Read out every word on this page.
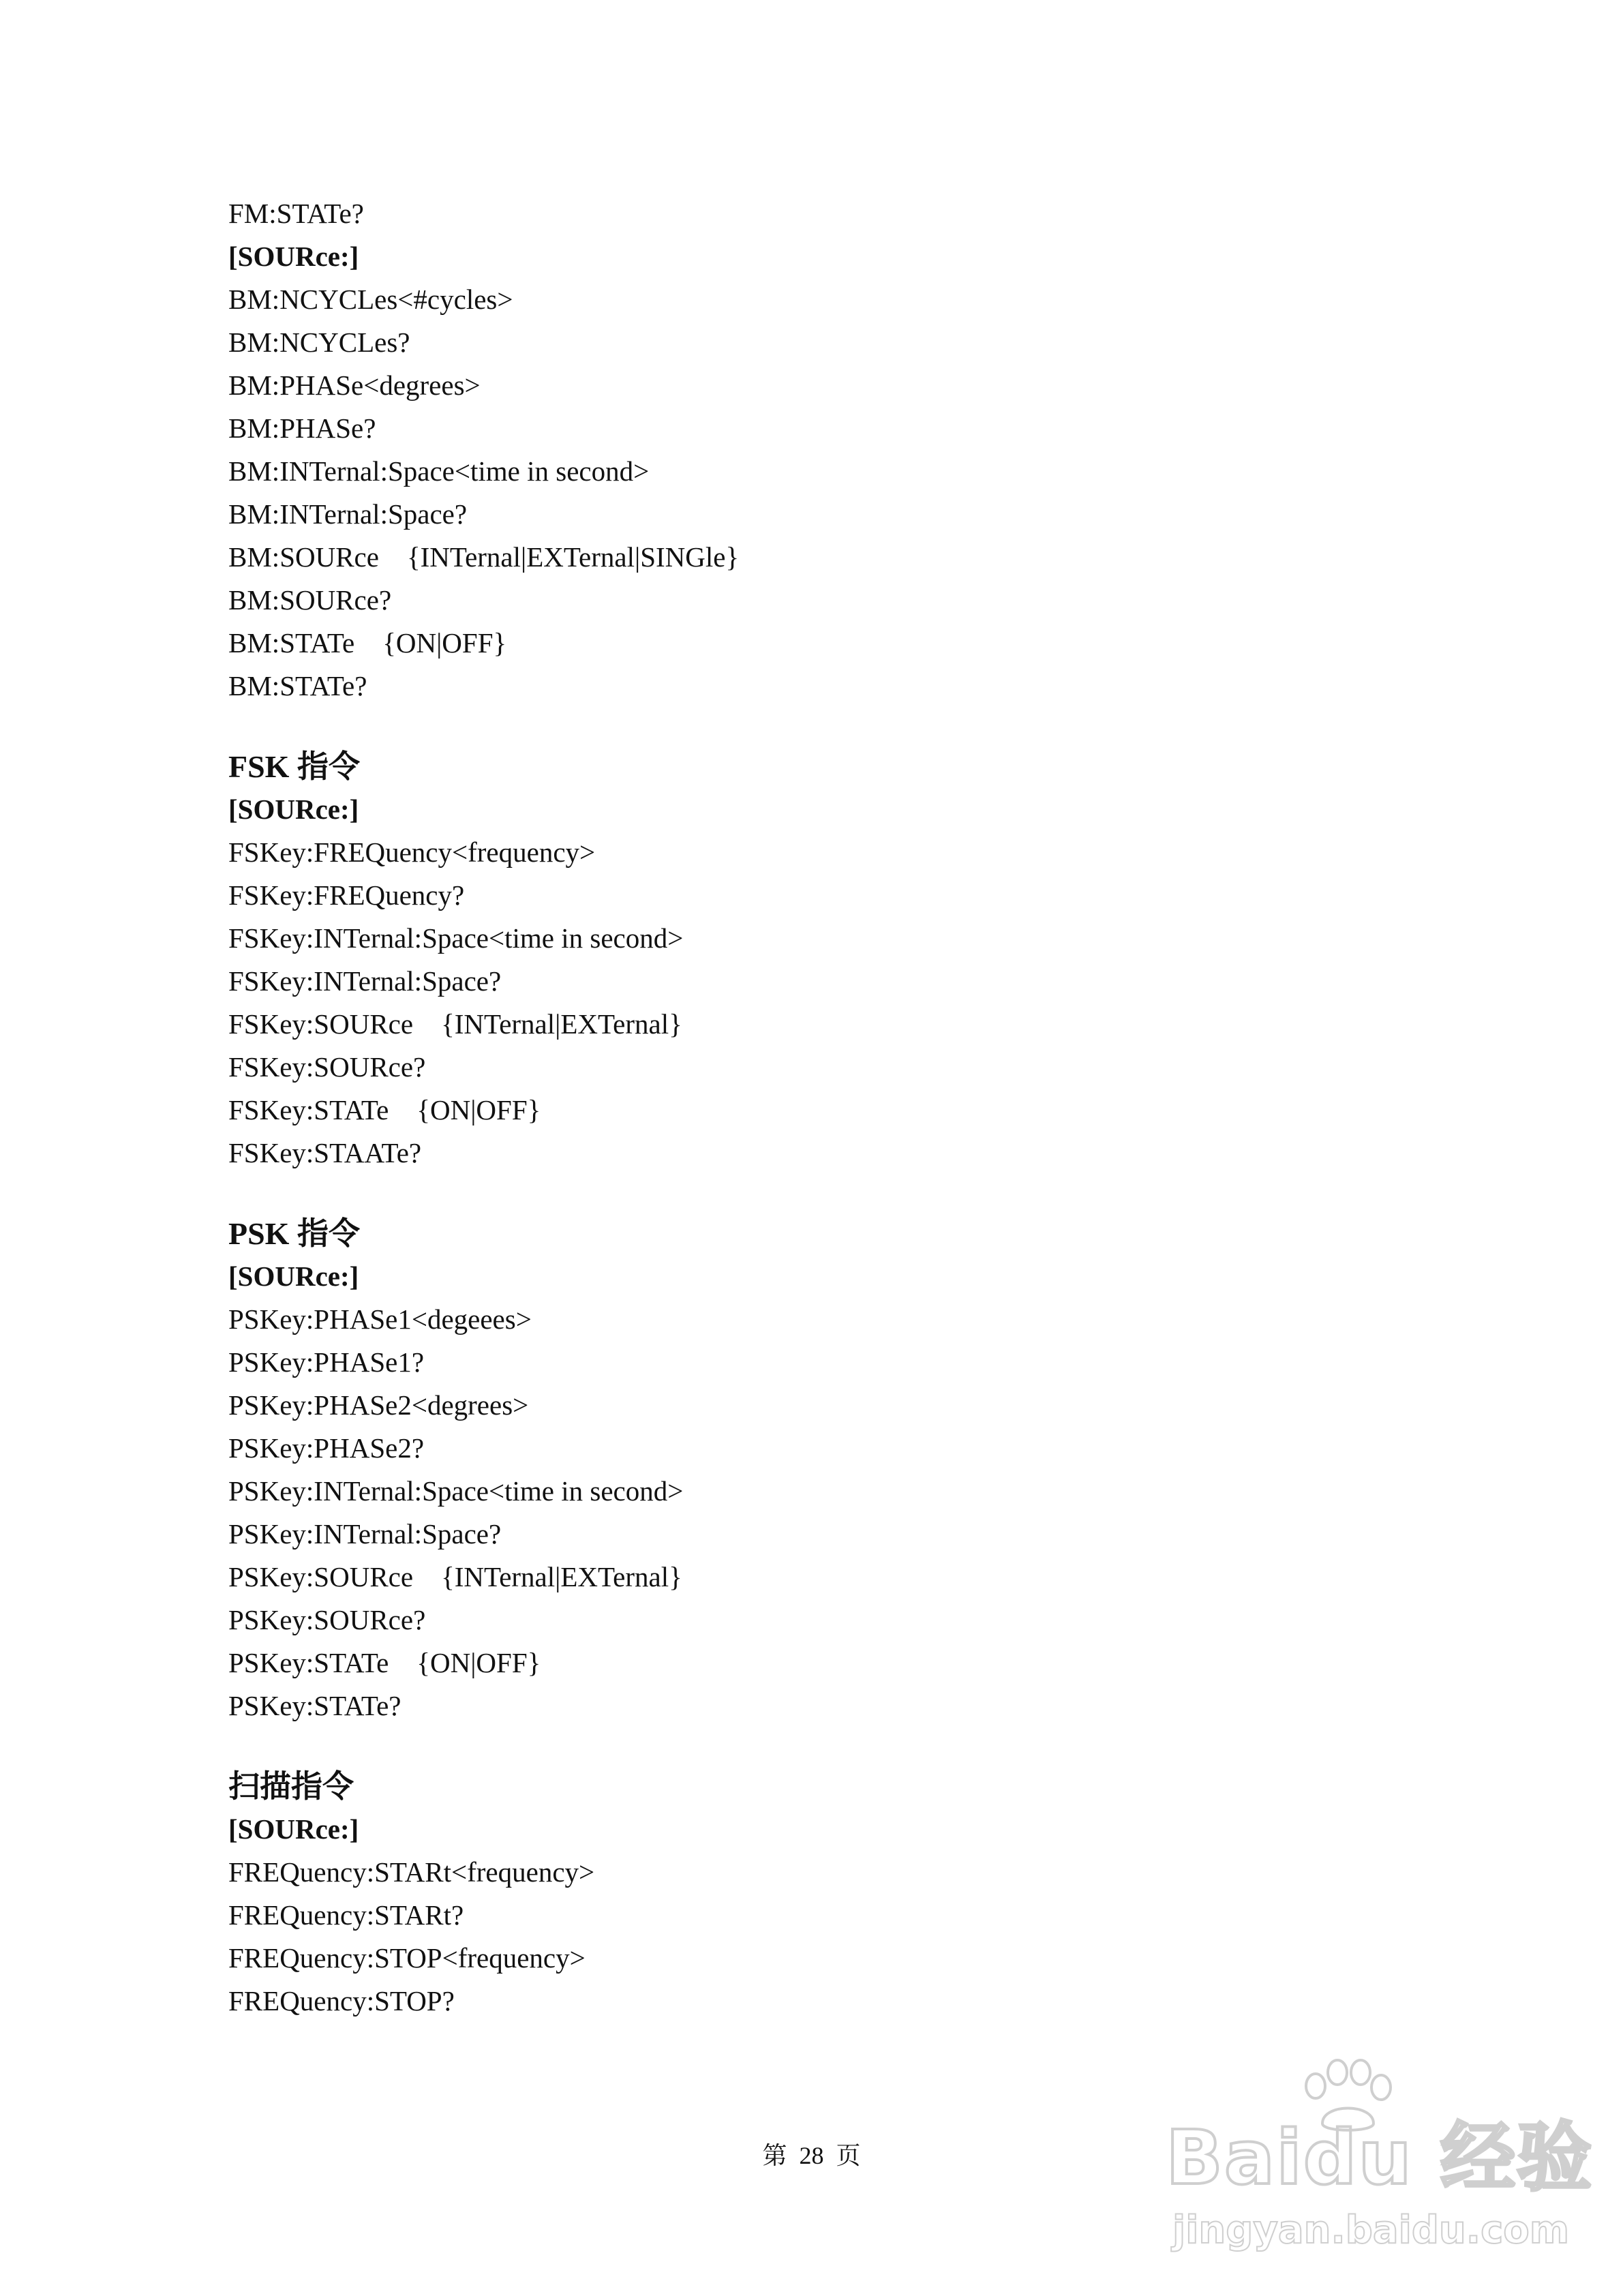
FM:STATe?
[SOURce:]
BM:NCYCLes<#cycles>
BM:NCYCLes?
BM:PHASe<degrees>
BM:PHASe?
BM:INTernal:Space<time in second>
BM:INTernal:Space?
BM:SOURce    {INTernal|EXTernal|SINGle}
BM:SOURce?
BM:STATe    {ON|OFF}
BM:STATe?
FSK 指令
[SOURce:]
FSKey:FREQuency<frequency>
FSKey:FREQuency?
FSKey:INTernal:Space<time in second>
FSKey:INTernal:Space?
FSKey:SOURce    {INTernal|EXTernal}
FSKey:SOURce?
FSKey:STATe    {ON|OFF}
FSKey:STAATe?
PSK 指令
[SOURce:]
PSKey:PHASe1<degeees>
PSKey:PHASe1?
PSKey:PHASe2<degrees>
PSKey:PHASe2?
PSKey:INTernal:Space<time in second>
PSKey:INTernal:Space?
PSKey:SOURce    {INTernal|EXTernal}
PSKey:SOURce?
PSKey:STATe    {ON|OFF}
PSKey:STATe?
扫描指令
[SOURce:]
FREQuency:STARt<frequency>
FREQuency:STARt?
FREQuency:STOP<frequency>
FREQuency:STOP?
第  28  页	Baidu 经验
jingyan.baidu.com
